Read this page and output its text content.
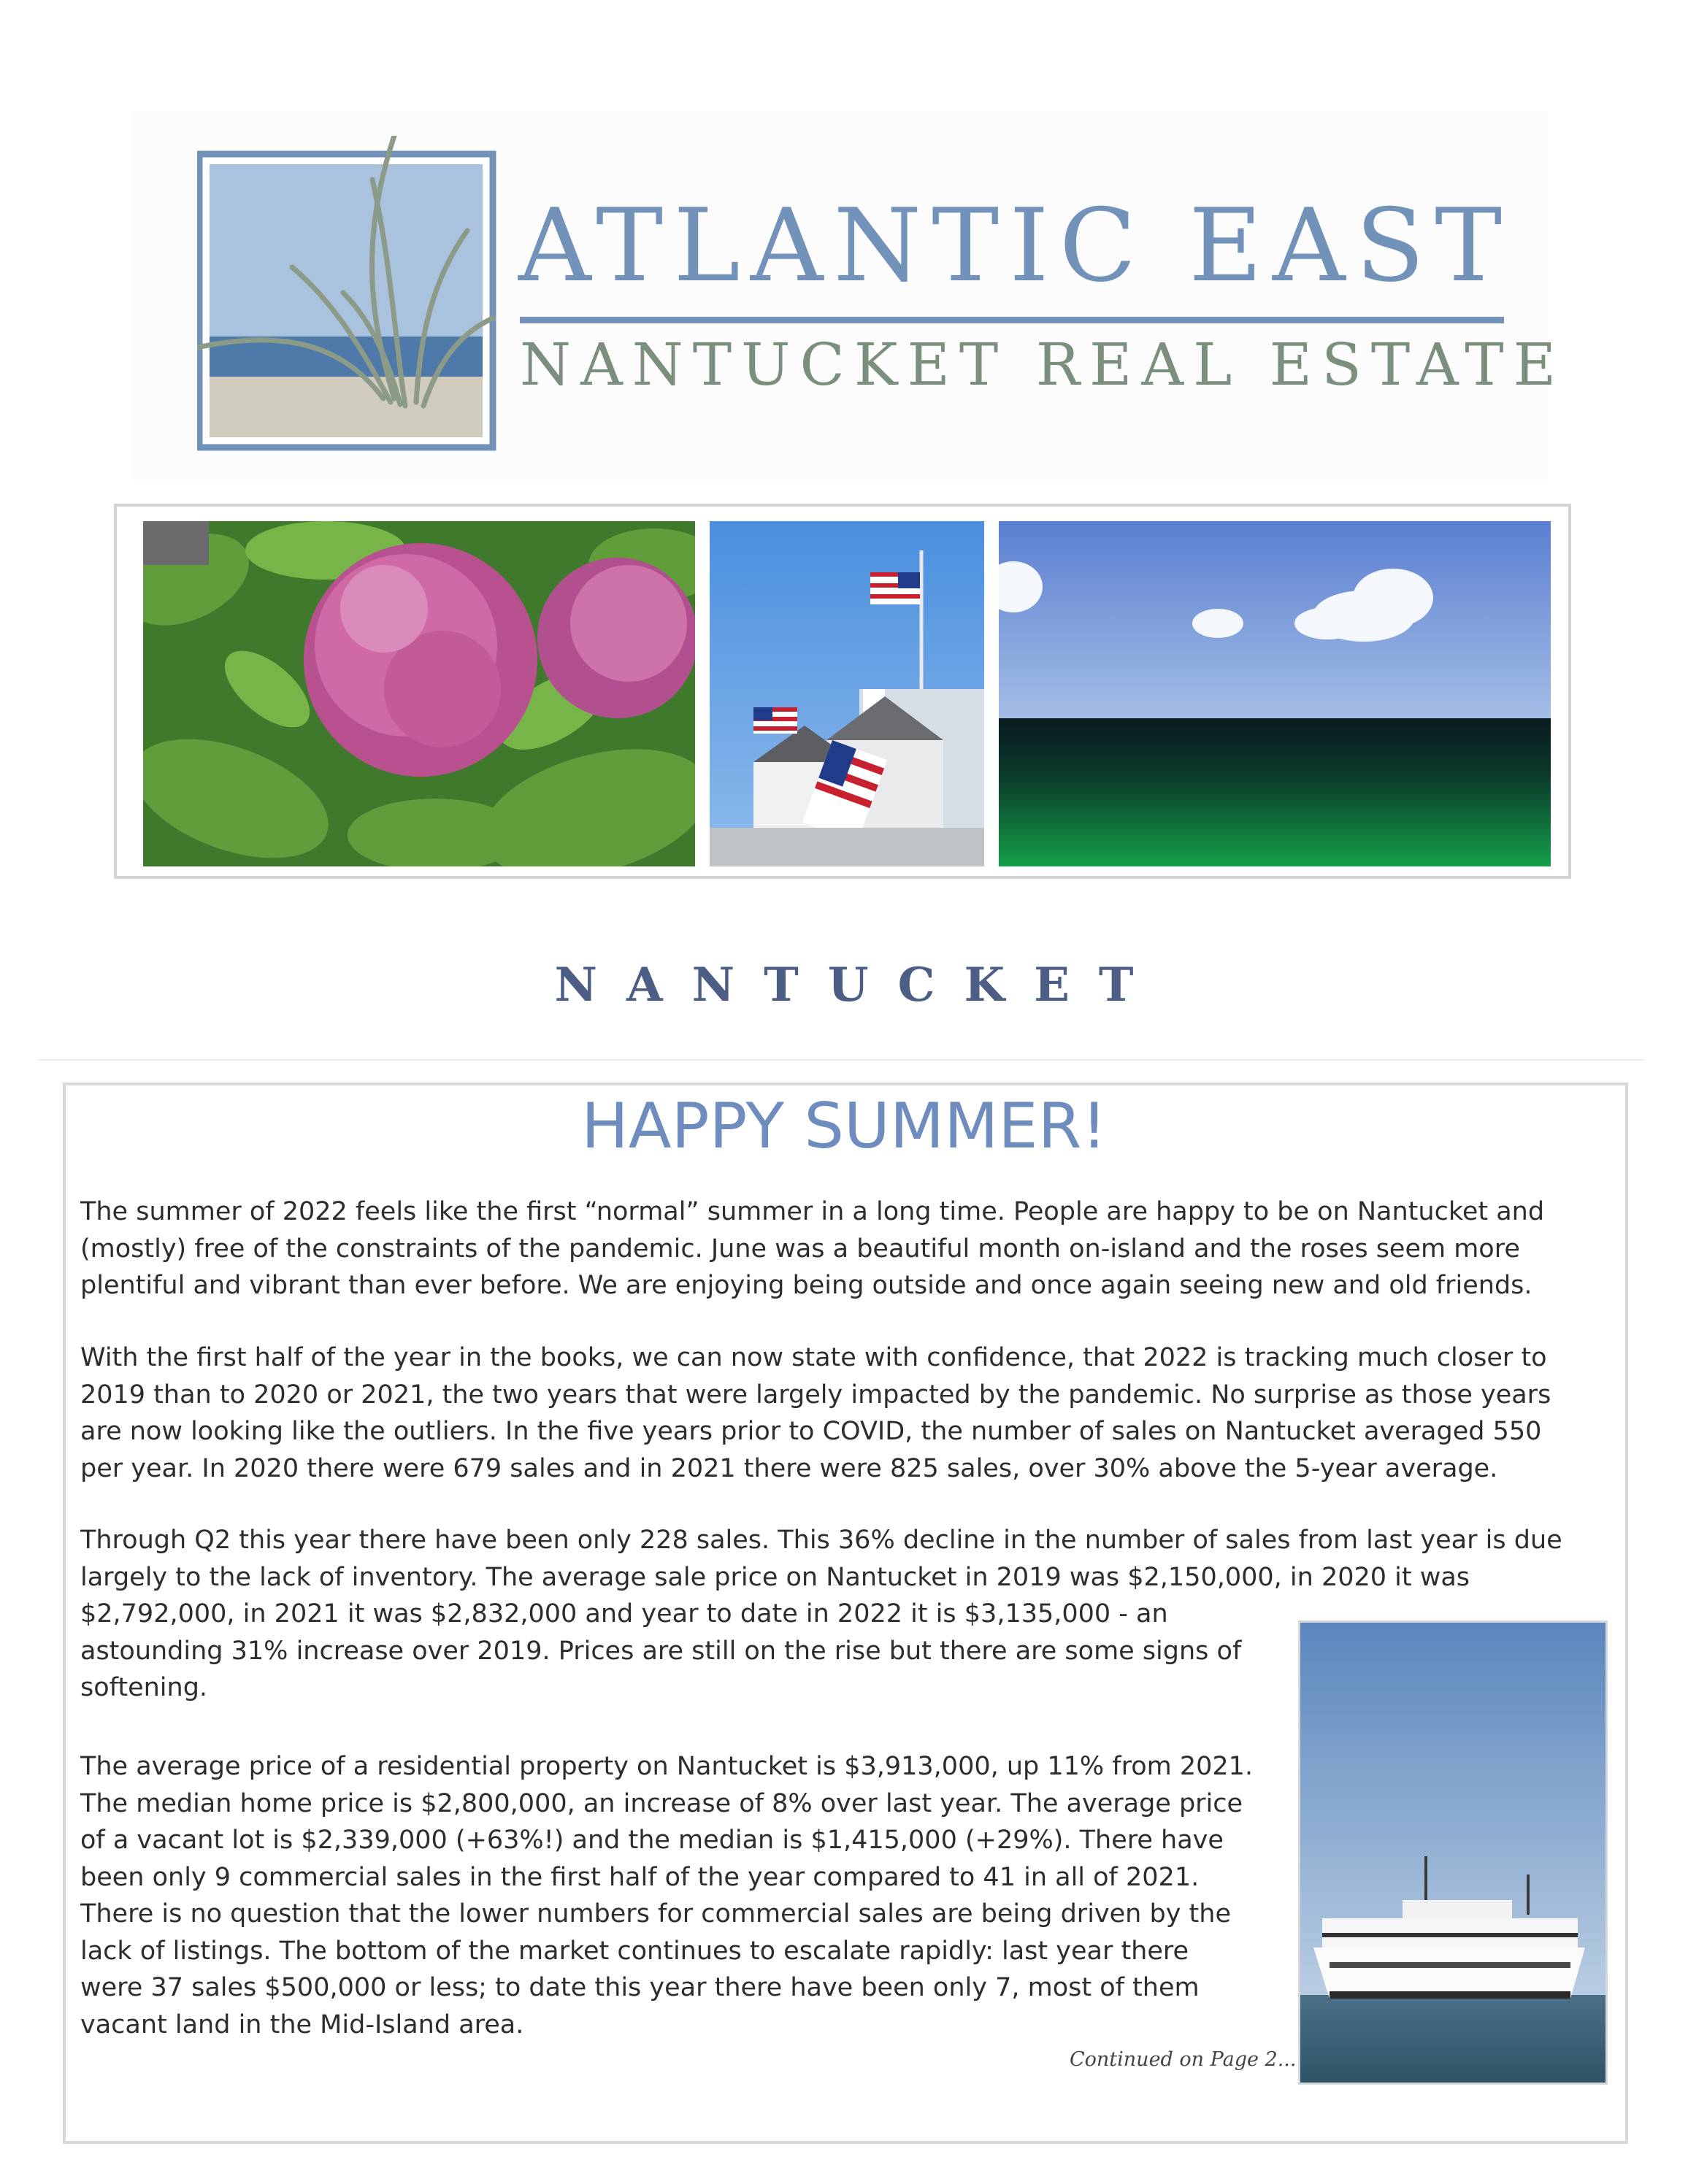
ATLANTIC EAST
NANTUCKET REAL ESTATE
NANTUCKET
HAPPY SUMMER!

The summer of 2022 feels like the first “normal” summer in a long time. People are happy to be on Nantucket and
(mostly) free of the constraints of the pandemic. June was a beautiful month on-island and the roses seem more
plentiful and vibrant than ever before. We are enjoying being outside and once again seeing new and old friends.

With the first half of the year in the books, we can now state with confidence, that 2022 is tracking much closer to
2019 than to 2020 or 2021, the two years that were largely impacted by the pandemic. No surprise as those years
are now looking like the outliers. In the five years prior to COVID, the number of sales on Nantucket averaged 550
per year. In 2020 there were 679 sales and in 2021 there were 825 sales, over 30% above the 5-year average.

Through Q2 this year there have been only 228 sales. This 36% decline in the number of sales from last year is due
largely to the lack of inventory. The average sale price on Nantucket in 2019 was $2,150,000, in 2020 it was
$2,792,000, in 2021 it was $2,832,000 and year to date in 2022 it is $3,135,000 - an
astounding 31% increase over 2019. Prices are still on the rise but there are some signs of
softening.

The average price of a residential property on Nantucket is $3,913,000, up 11% from 2021.
The median home price is $2,800,000, an increase of 8% over last year. The average price
of a vacant lot is $2,339,000 (+63%!) and the median is $1,415,000 (+29%). There have
been only 9 commercial sales in the first half of the year compared to 41 in all of 2021.
There is no question that the lower numbers for commercial sales are being driven by the
lack of listings. The bottom of the market continues to escalate rapidly: last year there
were 37 sales $500,000 or less; to date this year there have been only 7, most of them
vacant land in the Mid-Island area.

Continued on Page 2...
